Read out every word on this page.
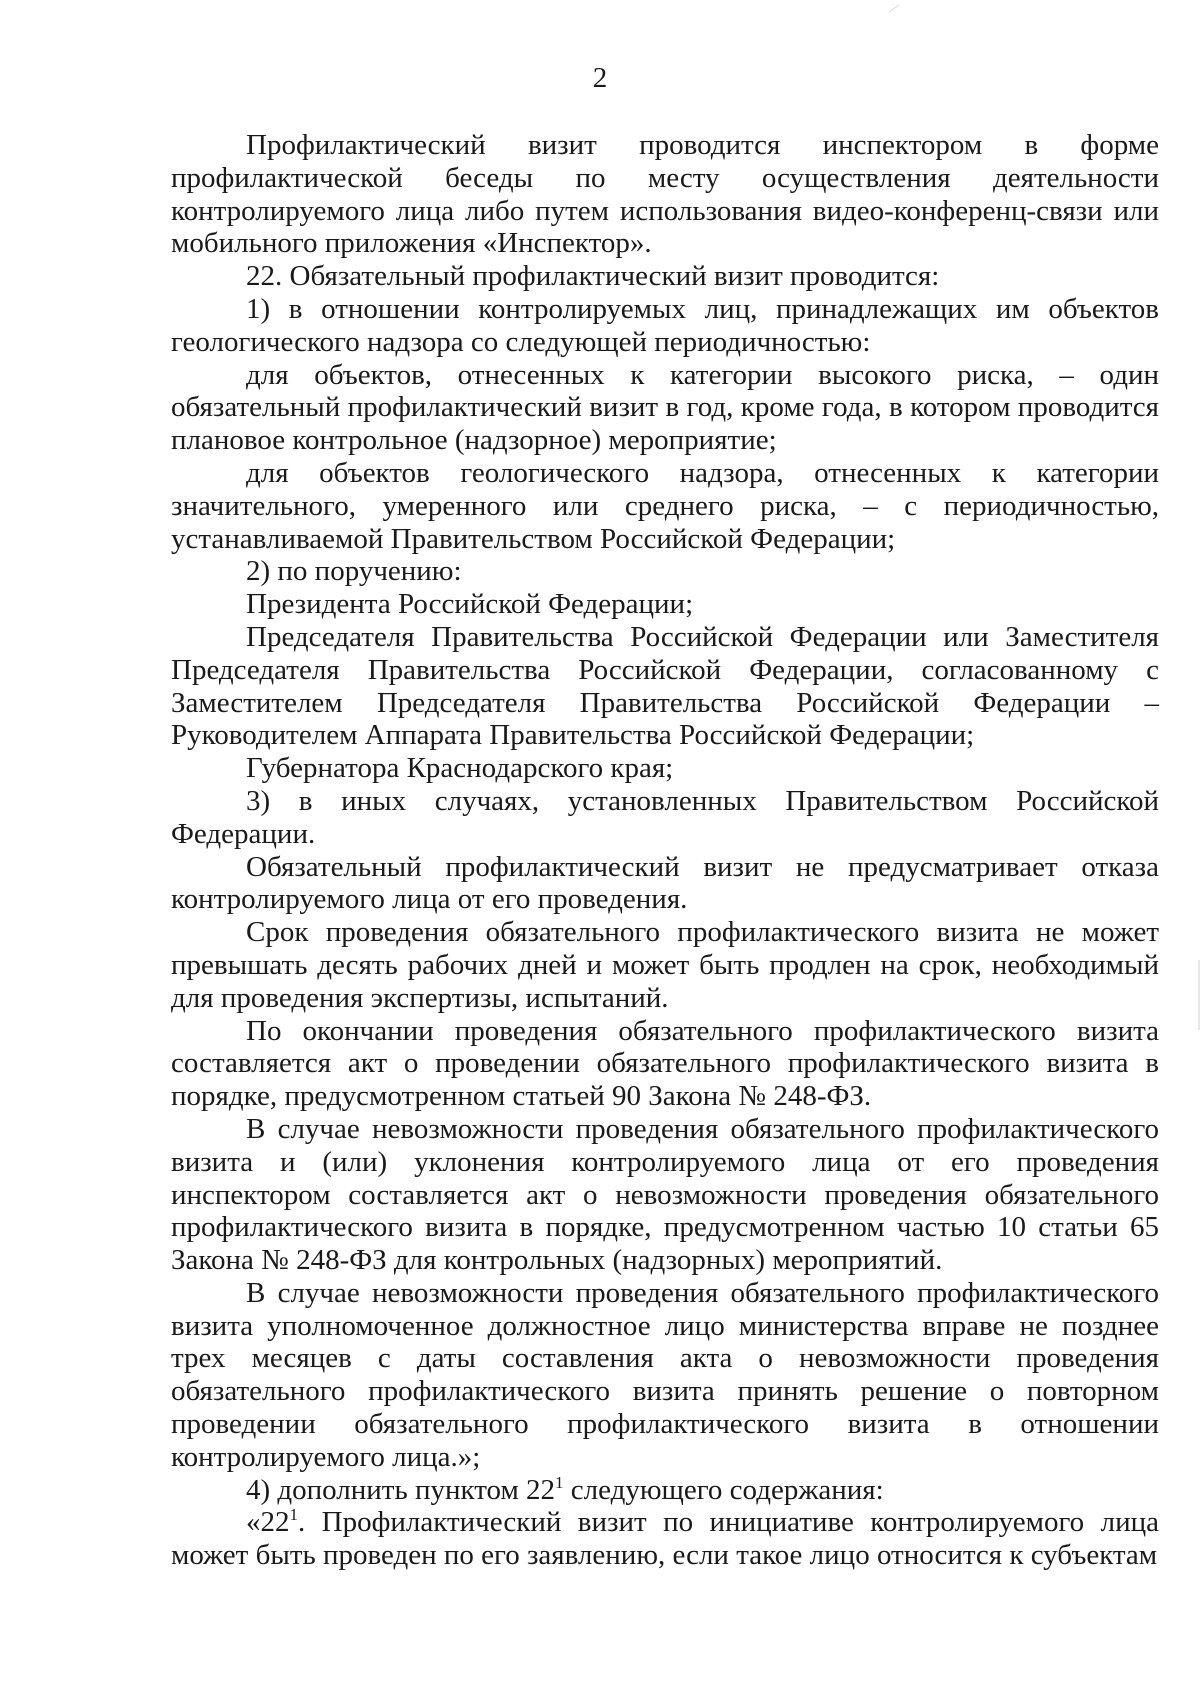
2

Профилактический визит проводится инспектором в форме профилактической беседы по месту осуществления деятельности контролируемого лица либо путем использования видео-конференц-связи или мобильного приложения «Инспектор».

22. Обязательный профилактический визит проводится:

1) в отношении контролируемых лиц, принадлежащих им объектов геологического надзора со следующей периодичностью:

для объектов, отнесенных к категории высокого риска, – один обязательный профилактический визит в год, кроме года, в котором проводится плановое контрольное (надзорное) мероприятие;

для объектов геологического надзора, отнесенных к категории значительного, умеренного или среднего риска, – с периодичностью, устанавливаемой Правительством Российской Федерации;

2) по поручению:

Президента Российской Федерации;

Председателя Правительства Российской Федерации или Заместителя Председателя Правительства Российской Федерации, согласованному с Заместителем Председателя Правительства Российской Федерации – Руководителем Аппарата Правительства Российской Федерации;

Губернатора Краснодарского края;

3) в иных случаях, установленных Правительством Российской Федерации.

Обязательный профилактический визит не предусматривает отказа контролируемого лица от его проведения.

Срок проведения обязательного профилактического визита не может превышать десять рабочих дней и может быть продлен на срок, необходимый для проведения экспертизы, испытаний.

По окончании проведения обязательного профилактического визита составляется акт о проведении обязательного профилактического визита в порядке, предусмотренном статьей 90 Закона № 248-ФЗ.

В случае невозможности проведения обязательного профилактического визита и (или) уклонения контролируемого лица от его проведения инспектором составляется акт о невозможности проведения обязательного профилактического визита в порядке, предусмотренном частью 10 статьи 65 Закона № 248-ФЗ для контрольных (надзорных) мероприятий.

В случае невозможности проведения обязательного профилактического визита уполномоченное должностное лицо министерства вправе не позднее трех месяцев с даты составления акта о невозможности проведения обязательного профилактического визита принять решение о повторном проведении обязательного профилактического визита в отношении контролируемого лица.»;

4) дополнить пунктом $22^1$ следующего содержания:

«$22^1$. Профилактический визит по инициативе контролируемого лица может быть проведен по его заявлению, если такое лицо относится к субъектам
